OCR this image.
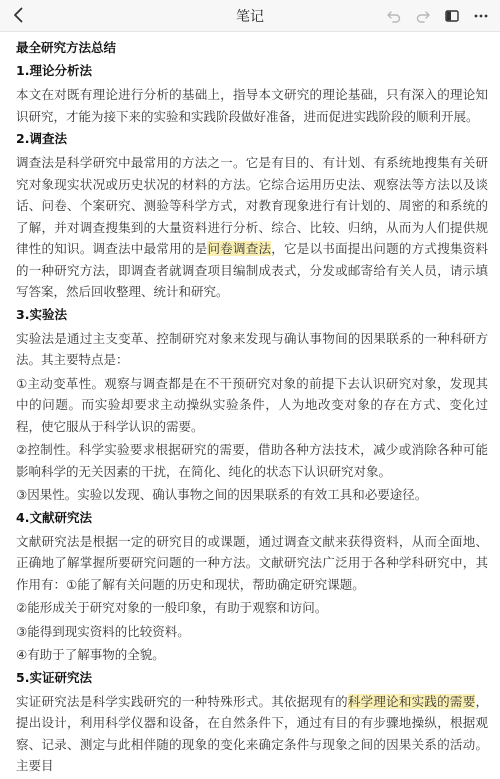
笔记
最全研究方法总结
1.理论分析法

本文在对既有理论进行分析的基础上，指导本文研究的理论基础，只有深入的理论知识研究，才能为接下来的实验和实践阶段做好准备，进而促进实践阶段的顺利开展。

2.调查法

调查法是科学研究中最常用的方法之一。它是有目的、有计划、有系统地搜集有关研究对象现实状况或历史状况的材料的方法。它综合运用历史法、观察法等方法以及谈话、问卷、个案研究、测验等科学方式，对教育现象进行有计划的、周密的和系统的了解，并对调查搜集到的大量资料进行分析、综合、比较、归纳，从而为人们提供规律性的知识。调查法中最常用的是问卷调查法，它是以书面提出问题的方式搜集资料的一种研究方法，即调查者就调查项目编制成表式，分发或邮寄给有关人员，请示填写答案，然后回收整理、统计和研究。

3.实验法

实验法是通过主支变革、控制研究对象来发现与确认事物间的因果联系的一种科研方法。其主要特点是：

①主动变革性。观察与调查都是在不干预研究对象的前提下去认识研究对象，发现其中的问题。而实验却要求主动操纵实验条件，人为地改变对象的存在方式、变化过程，使它服从于科学认识的需要。

②控制性。科学实验要求根据研究的需要，借助各种方法技术，减少或消除各种可能影响科学的无关因素的干扰，在简化、纯化的状态下认识研究对象。

③因果性。实验以发现、确认事物之间的因果联系的有效工具和必要途径。

4.文献研究法

文献研究法是根据一定的研究目的或课题，通过调查文献来获得资料，从而全面地、正确地了解掌握所要研究问题的一种方法。文献研究法广泛用于各种学科研究中，其作用有：①能了解有关问题的历史和现状，帮助确定研究课题。

②能形成关于研究对象的一般印象，有助于观察和访问。

③能得到现实资料的比较资料。

④有助于了解事物的全貌。

5.实证研究法

实证研究法是科学实践研究的一种特殊形式。其依据现有的科学理论和实践的需要，提出设计，利用科学仪器和设备，在自然条件下，通过有目的有步骤地操纵，根据观察、记录、测定与此相伴随的现象的变化来确定条件与现象之间的因果关系的活动。主要目
